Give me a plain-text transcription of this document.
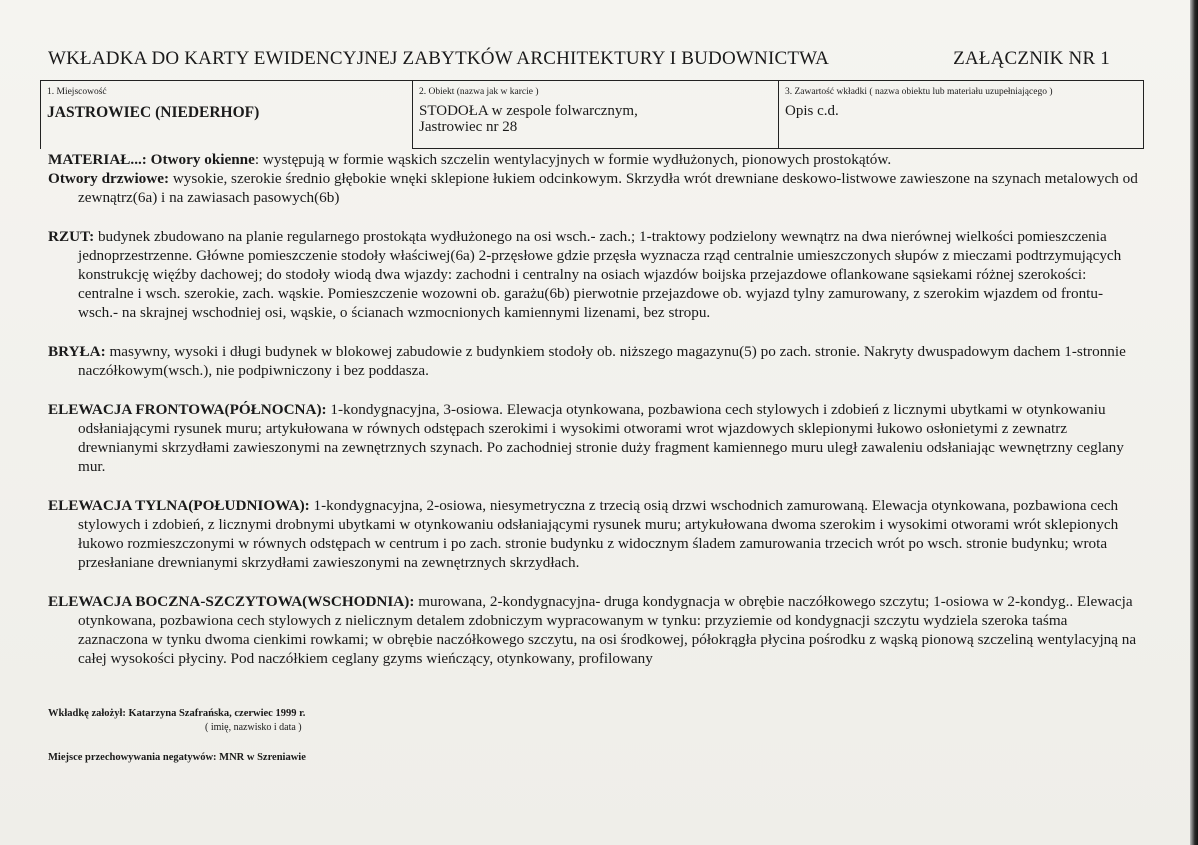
WKŁADKA DO KARTY EWIDENCYJNEJ ZABYTKÓW ARCHITEKTURY I BUDOWNICTWA	ZAŁĄCZNIK NR 1
1. Miejscowość
JASTROWIEC (NIEDERHOF)
2. Obiekt (nazwa jak w karcie )
STODOŁA w zespole folwarcznym,
Jastrowiec nr 28
3. Zawartość wkładki ( nazwa obiektu lub materiału uzupełniającego )
Opis c.d.

MATERIAŁ...: Otwory okienne: występują w formie wąskich szczelin wentylacyjnych w formie wydłużonych, pionowych prostokątów.

Otwory drzwiowe: wysokie, szerokie średnio głębokie wnęki sklepione łukiem odcinkowym. Skrzydła wrót drewniane deskowo-listwowe zawieszone na szynach metalowych od zewnątrz(6a) i na zawiasach pasowych(6b)

RZUT: budynek zbudowano na planie regularnego prostokąta wydłużonego na osi wsch.- zach.; 1-traktowy podzielony wewnątrz na dwa nierównej wielkości pomieszczenia jednoprzestrzenne. Główne pomieszczenie stodoły właściwej(6a) 2-przęsłowe gdzie przęsła wyznacza rząd centralnie umieszczonych słupów z mieczami podtrzymujących konstrukcję więźby dachowej; do stodoły wiodą dwa wjazdy: zachodni i centralny na osiach wjazdów boijska przejazdowe oflankowane sąsiekami różnej szerokości: centralne i wsch. szerokie, zach. wąskie. Pomieszczenie wozowni ob. garażu(6b) pierwotnie przejazdowe ob. wyjazd tylny zamurowany, z szerokim wjazdem od frontu-wsch.- na skrajnej wschodniej osi, wąskie, o ścianach wzmocnionych kamiennymi lizenami, bez stropu.

BRYŁA: masywny, wysoki i długi budynek w blokowej zabudowie z budynkiem stodoły ob. niższego magazynu(5) po zach. stronie. Nakryty dwuspadowym dachem 1-stronnie naczółkowym(wsch.), nie podpiwniczony i bez poddasza.

ELEWACJA FRONTOWA(PÓŁNOCNA): 1-kondygnacyjna, 3-osiowa. Elewacja otynkowana, pozbawiona cech stylowych i zdobień z licznymi ubytkami w otynkowaniu odsłaniającymi rysunek muru; artykułowana w równych odstępach szerokimi i wysokimi otworami wrot wjazdowych sklepionymi łukowo osłonietymi z zewnatrz drewnianymi skrzydłami zawieszonymi na zewnętrznych szynach. Po zachodniej stronie duży fragment kamiennego muru uległ zawaleniu odsłaniając wewnętrzny ceglany mur.

ELEWACJA TYLNA(POŁUDNIOWA): 1-kondygnacyjna, 2-osiowa, niesymetryczna z trzecią osią drzwi wschodnich zamurowaną. Elewacja otynkowana, pozbawiona cech stylowych i zdobień, z licznymi drobnymi ubytkami w otynkowaniu odsłaniającymi rysunek muru; artykułowana dwoma szerokim i wysokimi otworami wrót sklepionych łukowo rozmieszczonymi w równych odstępach w centrum i po zach. stronie budynku z widocznym śladem zamurowania trzecich wrót po wsch. stronie budynku; wrota przesłaniane drewnianymi skrzydłami zawieszonymi na zewnętrznych skrzydłach.

ELEWACJA BOCZNA-SZCZYTOWA(WSCHODNIA): murowana, 2-kondygnacyjna- druga kondygnacja w obrębie naczółkowego szczytu; 1-osiowa w 2-kondyg.. Elewacja otynkowana, pozbawiona cech stylowych z nielicznym detalem zdobniczym wypracowanym w tynku: przyziemie od kondygnacji szczytu wydziela szeroka taśma zaznaczona w tynku dwoma cienkimi rowkami; w obrębie naczółkowego szczytu, na osi środkowej, półokrągła płycina pośrodku z wąską pionową szczeliną wentylacyjną na całej wysokości płyciny. Pod naczółkiem ceglany gzyms wieńczący, otynkowany, profilowany

Wkładkę założył: Katarzyna Szafrańska, czerwiec 1999 r.
( imię, nazwisko i data )
Miejsce przechowywania negatywów: MNR w Szreniawie
